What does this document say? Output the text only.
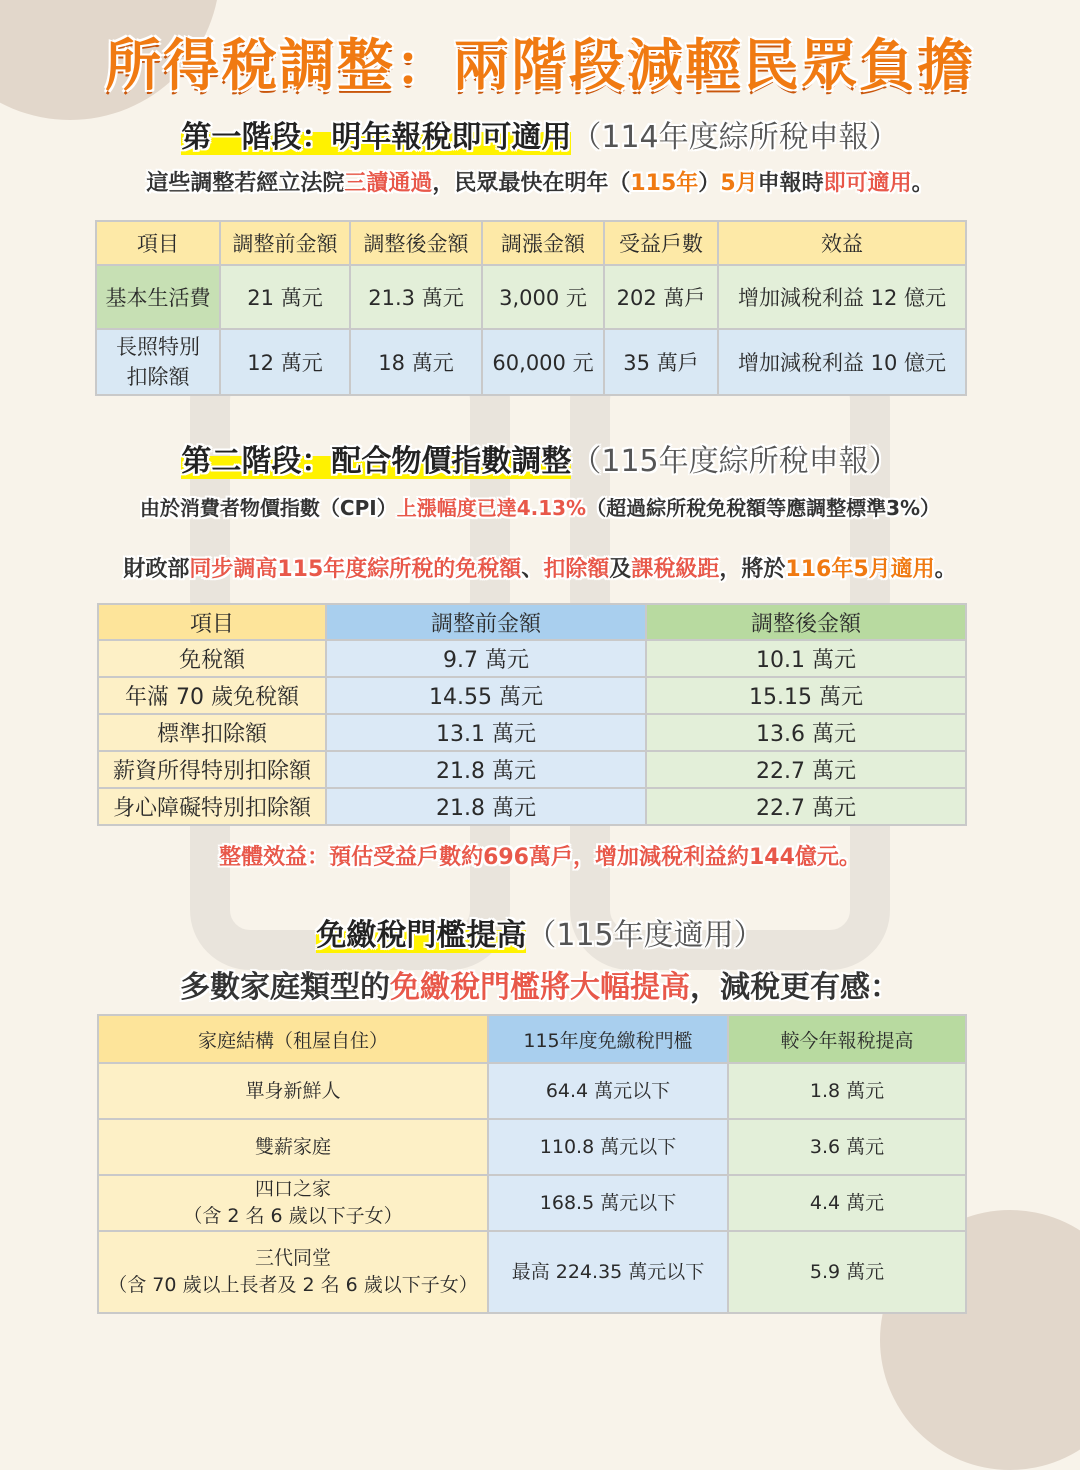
所得稅調整：兩階段減輕民眾負擔
第一階段：明年報稅即可適用（114年度綜所稅申報）
這些調整若經立法院三讀通過，民眾最快在明年（115年）5月申報時即可適用。
項目	調整前金額	調整後金額	調漲金額	受益戶數	效益
基本生活費	21 萬元	21.3 萬元	3,000 元	202 萬戶	增加減稅利益 12 億元

長照特別
扣除額	12 萬元	18 萬元	60,000 元	35 萬戶	增加減稅利益 10 億元
第二階段：配合物價指數調整（115年度綜所稅申報）
由於消費者物價指數（CPI）上漲幅度已達4.13%（超過綜所稅免稅額等應調整標準3%）
財政部同步調高115年度綜所稅的免稅額、扣除額及課稅級距，將於116年5月適用。
項目	調整前金額	調整後金額
免稅額	9.7 萬元	10.1 萬元
年滿 70 歲免稅額	14.55 萬元	15.15 萬元
標準扣除額	13.1 萬元	13.6 萬元
薪資所得特別扣除額	21.8 萬元	22.7 萬元
身心障礙特別扣除額	21.8 萬元	22.7 萬元
整體效益：預估受益戶數約696萬戶，增加減稅利益約144億元。
免繳稅門檻提高（115年度適用）
多數家庭類型的免繳稅門檻將大幅提高，減稅更有感：
家庭結構（租屋自住）	115年度免繳稅門檻	較今年報稅提高
單身新鮮人	64.4 萬元以下	1.8 萬元
雙薪家庭	110.8 萬元以下	3.6 萬元

四口之家
（含 2 名 6 歲以下子女）	168.5 萬元以下	4.4 萬元

三代同堂
（含 70 歲以上長者及 2 名 6 歲以下子女）	最高 224.35 萬元以下	5.9 萬元
